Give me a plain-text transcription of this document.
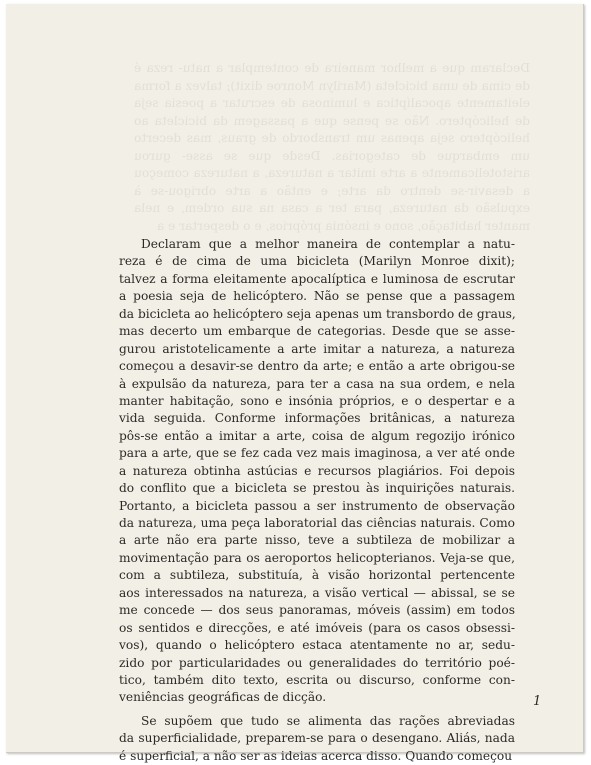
Declaram que a melhor maneira de contemplar a natu- reza é de cima de uma bicicleta (Marilyn Monroe dixit); talvez a forma eleitamente apocalíptica e luminosa de escrutar a poesia seja de helicóptero. Não se pense que a passagem da bicicleta ao helicóptero seja apenas um transbordo de graus, mas decerto um embarque de categorias. Desde que se asse- gurou aristotelicamente a arte imitar a natureza, a natureza começou a desavir-se dentro da arte; e então a arte obrigou-se à expulsão da natureza, para ter a casa na sua ordem, e nela manter habitação, sono e insónia próprios, e o despertar e a
Declaram que a melhor maneira de contemplar a natu-
reza é de cima de uma bicicleta (Marilyn Monroe dixit);
talvez a forma eleitamente apocalíptica e luminosa de escrutar
a poesia seja de helicóptero. Não se pense que a passagem
da bicicleta ao helicóptero seja apenas um transbordo de graus,
mas decerto um embarque de categorias. Desde que se asse-
gurou aristotelicamente a arte imitar a natureza, a natureza
começou a desavir-se dentro da arte; e então a arte obrigou-se
à expulsão da natureza, para ter a casa na sua ordem, e nela
manter habitação, sono e insónia próprios, e o despertar e a
vida seguida. Conforme informações britânicas, a natureza
pôs-se então a imitar a arte, coisa de algum regozijo irónico
para a arte, que se fez cada vez mais imaginosa, a ver até onde
a natureza obtinha astúcias e recursos plagiários. Foi depois
do conflito que a bicicleta se prestou às inquirições naturais.
Portanto, a bicicleta passou a ser instrumento de observação
da natureza, uma peça laboratorial das ciências naturais. Como
a arte não era parte nisso, teve a subtileza de mobilizar a
movimentação para os aeroportos helicopterianos. Veja-se que,
com a subtileza, substituía, à visão horizontal pertencente
aos interessados na natureza, a visão vertical — abissal, se se
me concede — dos seus panoramas, móveis (assim) em todos
os sentidos e direcções, e até imóveis (para os casos obsessi-
vos), quando o helicóptero estaca atentamente no ar, sedu-
zido por particularidades ou generalidades do território poé-
tico, também dito texto, escrita ou discurso, conforme con-
veniências geográficas de dicção.
Se supõem que tudo se alimenta das rações abreviadas
da superficialidade, preparem-se para o desengano. Aliás, nada
é superficial, a não ser as ideias acerca disso. Quando começou
1
